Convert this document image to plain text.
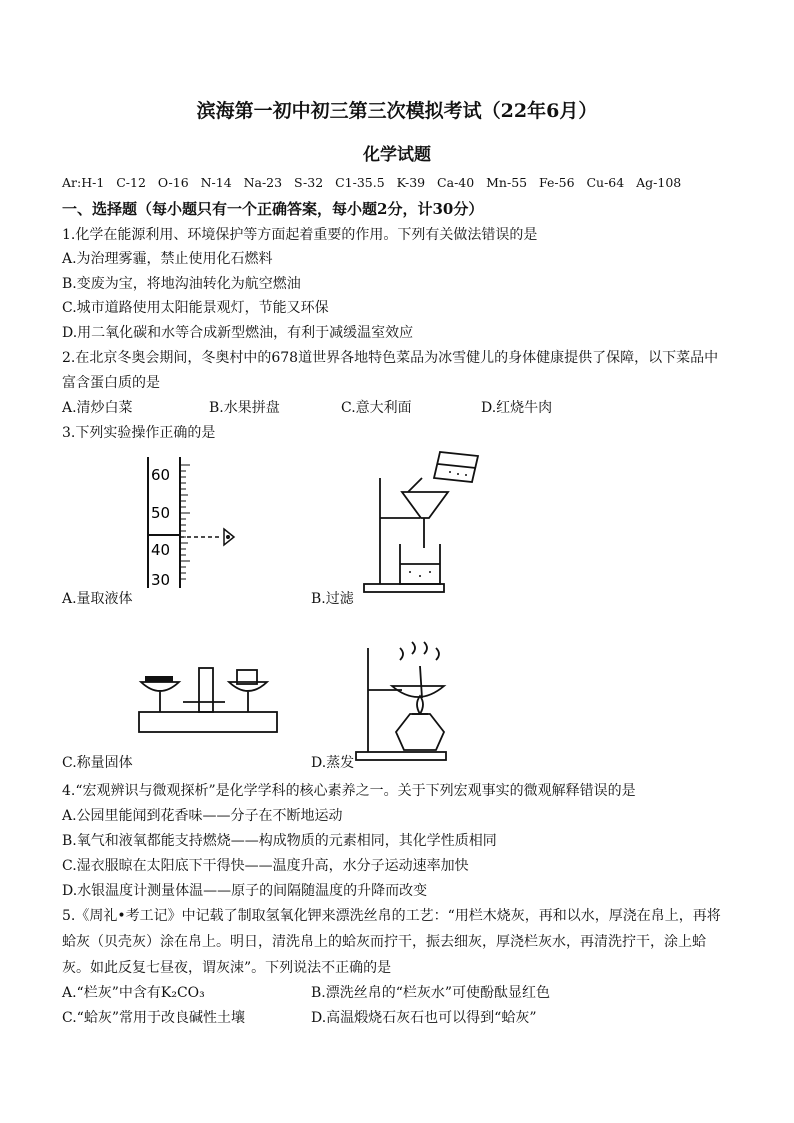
滨海第一初中初三第三次模拟考试（22年6月）
化学试题
Ar:H-1   C-12   O-16   N-14   Na-23   S-32   C1-35.5   K-39   Ca-40   Mn-55   Fe-56   Cu-64   Ag-108
一、选择题（每小题只有一个正确答案，每小题2分，计30分）
1.化学在能源利用、环境保护等方面起着重要的作用。下列有关做法错误的是
A.为治理雾霾，禁止使用化石燃料
B.变废为宝，将地沟油转化为航空燃油
C.城市道路使用太阳能景观灯，节能又环保
D.用二氧化碳和水等合成新型燃油，有利于减缓温室效应
2.在北京冬奥会期间，冬奥村中的678道世界各地特色菜品为冰雪健儿的身体健康提供了保障，以下菜品中
富含蛋白质的是
A.清炒白菜	B.水果拼盘	C.意大利面	D.红烧牛肉
3.下列实验操作正确的是
60
50
40
30
A.量取液体	B.过滤
C.称量固体	D.蒸发
4.“宏观辨识与微观探析”是化学学科的核心素养之一。关于下列宏观事实的微观解释错误的是
A.公园里能闻到花香味——分子在不断地运动
B.氧气和液氧都能支持燃烧——构成物质的元素相同，其化学性质相同
C.湿衣服晾在太阳底下干得快——温度升高，水分子运动速率加快
D.水银温度计测量体温——原子的间隔随温度的升降而改变
5.《周礼•考工记》中记载了制取氢氧化钾来漂洗丝帛的工艺：“用栏木烧灰，再和以水，厚浇在帛上，再将
蛤灰（贝壳灰）涂在帛上。明日，清洗帛上的蛤灰而拧干，振去细灰，厚浇栏灰水，再清洗拧干，涂上蛤
灰。如此反复七昼夜，谓灰涑”。下列说法不正确的是
A.“栏灰”中含有K₂CO₃	B.漂洗丝帛的“栏灰水”可使酚酞显红色
C.“蛤灰”常用于改良碱性土壤	D.高温煅烧石灰石也可以得到“蛤灰”
